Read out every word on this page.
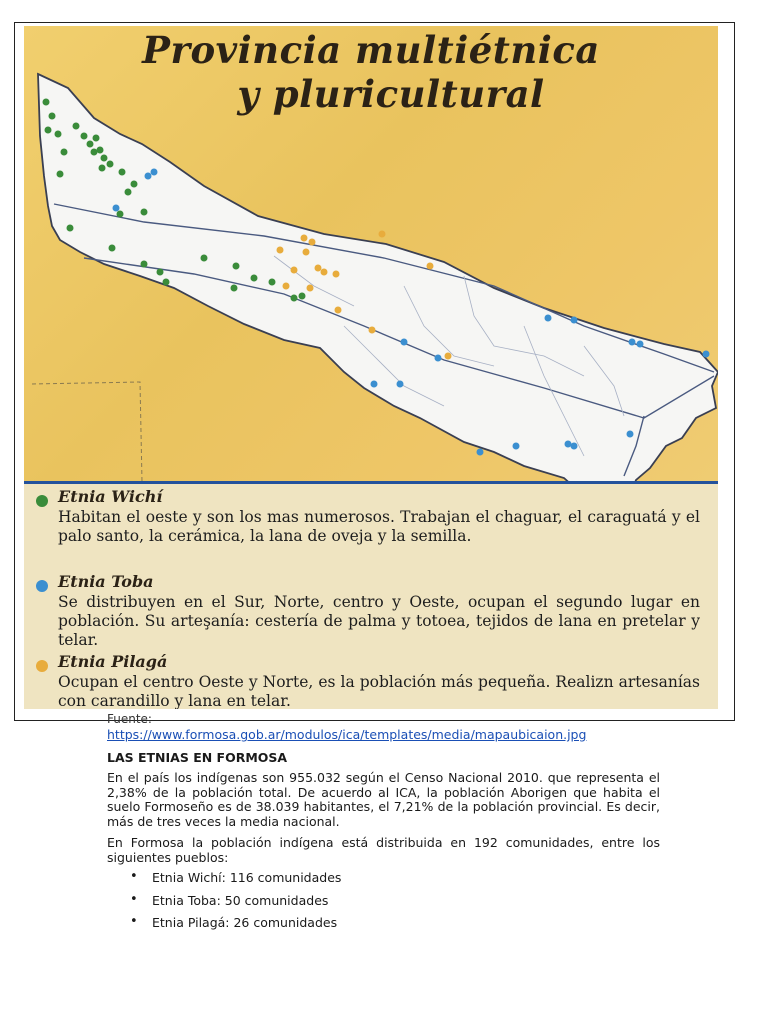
Provincia multiétnica
y pluricultural
Etnia Wichí
Habitan el oeste y son los mas numerosos. Trabajan el chaguar, el caraguatá y el palo santo, la cerámica, la lana de oveja y la semilla.
Etnia Toba
Se distribuyen en el Sur, Norte, centro y Oeste, ocupan el segundo lugar en población. Su arteşanía: cestería de palma y totoea, tejidos de lana en pretelar y telar.
Etnia Pilagá
Ocupan el centro Oeste y Norte, es la población más pequeña. Realizn artesanías con carandillo y lana en telar.
Fuente:
https://www.formosa.gob.ar/modulos/ica/templates/media/mapaubicaion.jpg
LAS ETNIAS EN FORMOSA
En el país los indígenas son 955.032 según el Censo Nacional 2010. que representa el 2,38% de la población total. De acuerdo al ICA, la población Aborigen que habita el suelo Formoseño es de 38.039 habitantes, el 7,21% de la población provincial. Es decir, más de tres veces la media nacional.
En Formosa la población indígena está distribuida en 192 comunidades, entre los siguientes pueblos:
• Etnia Wichí: 116 comunidades
• Etnia Toba: 50 comunidades
• Etnia Pilagá: 26 comunidades
